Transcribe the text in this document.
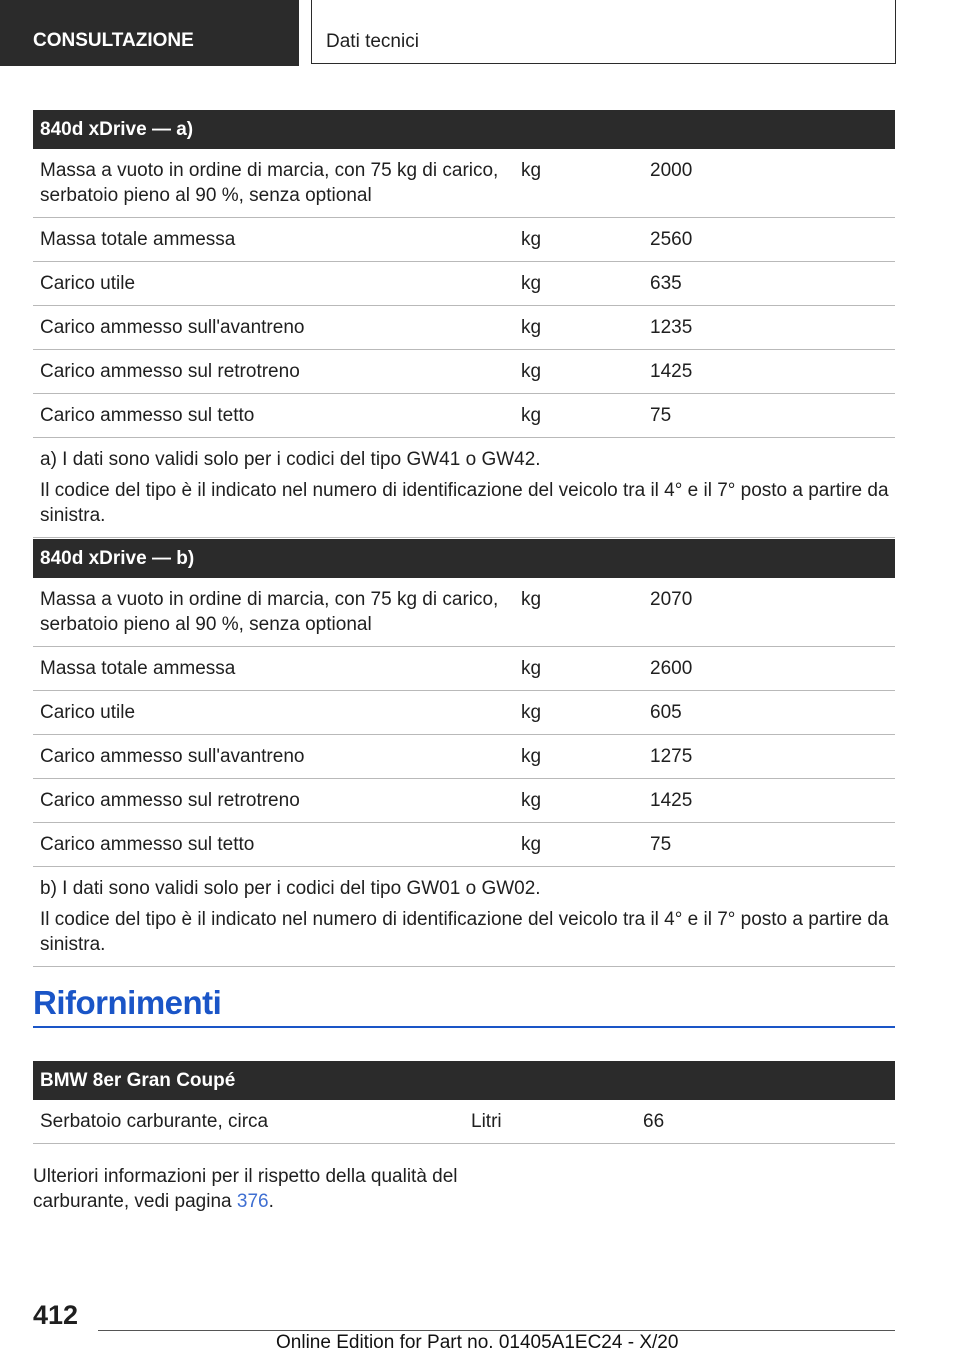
CONSULTAZIONE	Dati tecnici
840d xDrive — a)		
Massa a vuoto in ordine di marcia, con 75 kg di carico, serbatoio pieno al 90 %, senza optional	kg	2000
Massa totale ammessa	kg	2560
Carico utile	kg	635
Carico ammesso sull'avantreno	kg	1235
Carico ammesso sul retrotreno	kg	1425
Carico ammesso sul tetto	kg	75

a) I dati sono validi solo per i codici del tipo GW41 o GW42.

Il codice del tipo è il indicato nel numero di identificazione del veicolo tra il 4° e il 7° posto a partire da sinistra.		

840d xDrive — b)		
Massa a vuoto in ordine di marcia, con 75 kg di carico, serbatoio pieno al 90 %, senza optional	kg	2070
Massa totale ammessa	kg	2600
Carico utile	kg	605
Carico ammesso sull'avantreno	kg	1275
Carico ammesso sul retrotreno	kg	1425
Carico ammesso sul tetto	kg	75

b) I dati sono validi solo per i codici del tipo GW01 o GW02.

Il codice del tipo è il indicato nel numero di identificazione del veicolo tra il 4° e il 7° posto a partire da sinistra.		

Rifornimenti
BMW 8er Gran Coupé
Serbatoio carburante, circa	Litri	66
Ulteriori informazioni per il rispetto della qualità del carburante, vedi pagina 376.
412
Online Edition for Part no. 01405A1EC24 - X/20
